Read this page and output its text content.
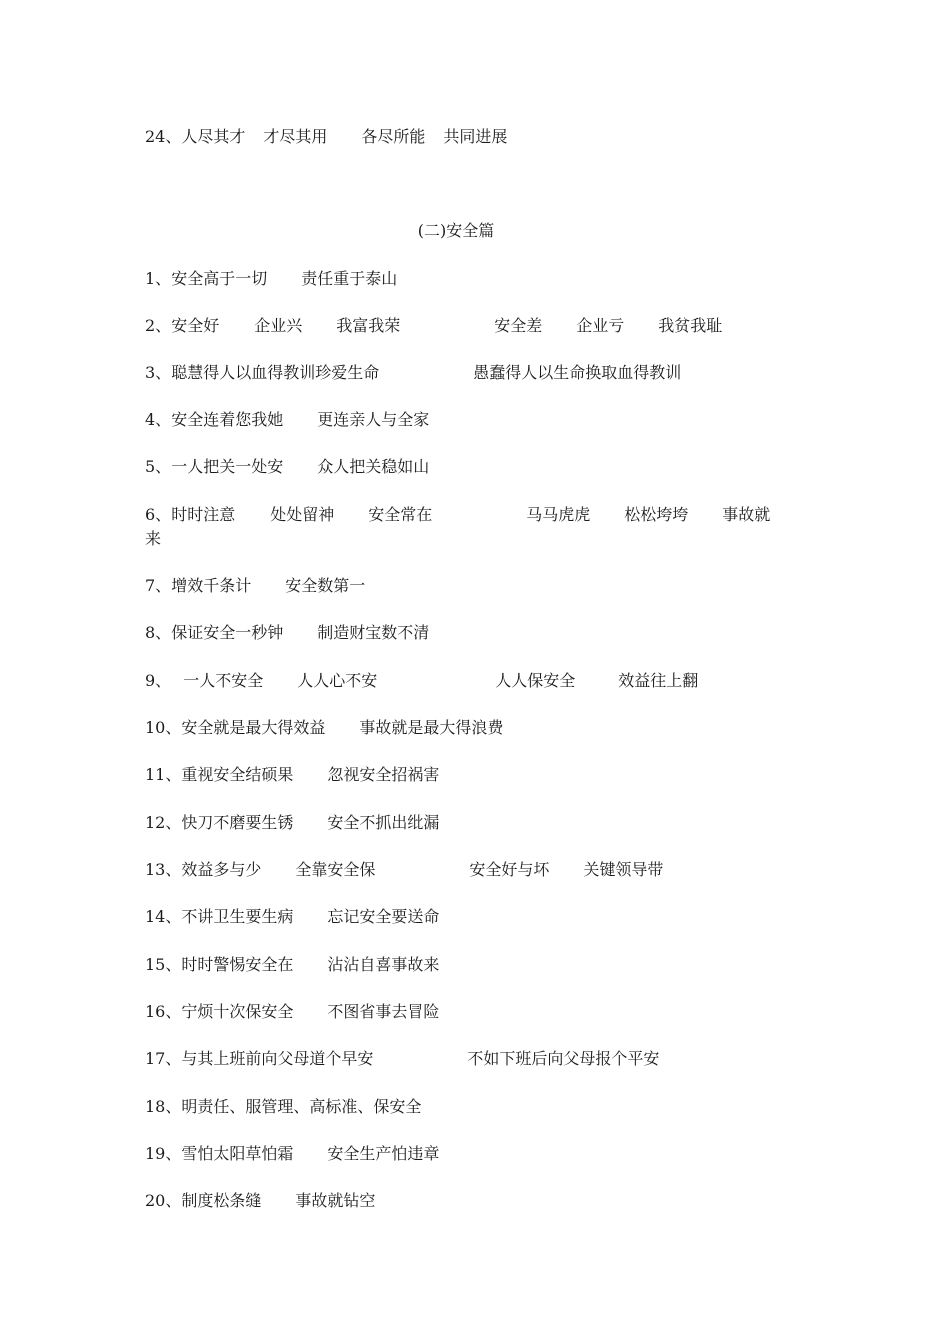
24、人尽其才 才尽其用 各尽所能 共同进展
(二)安全篇
1、安全高于一切 责任重于泰山
2、安全好 企业兴 我富我荣	安全差 企业亏 我贫我耻
3、聪慧得人以血得教训珍爱生命	愚蠢得人以生命换取血得教训
4、安全连着您我她 更连亲人与全家
5、一人把关一处安 众人把关稳如山
6、时时注意 处处留神 安全常在	马马虎虎 松松垮垮 事故就
来
7、增效千条计 安全数第一
8、保证安全一秒钟 制造财宝数不清
9、 一人不安全 人人心不安	人人保安全	效益往上翻
10、安全就是最大得效益 事故就是最大得浪费
11、重视安全结硕果 忽视安全招祸害
12、快刀不磨要生锈 安全不抓出纰漏
13、效益多与少 全靠安全保	安全好与坏 关键领导带
14、不讲卫生要生病 忘记安全要送命
15、时时警惕安全在 沾沾自喜事故来
16、宁烦十次保安全 不图省事去冒险
17、与其上班前向父母道个早安	不如下班后向父母报个平安
18、明责任、服管理、高标准、保安全
19、雪怕太阳草怕霜 安全生产怕违章
20、制度松条缝 事故就钻空
